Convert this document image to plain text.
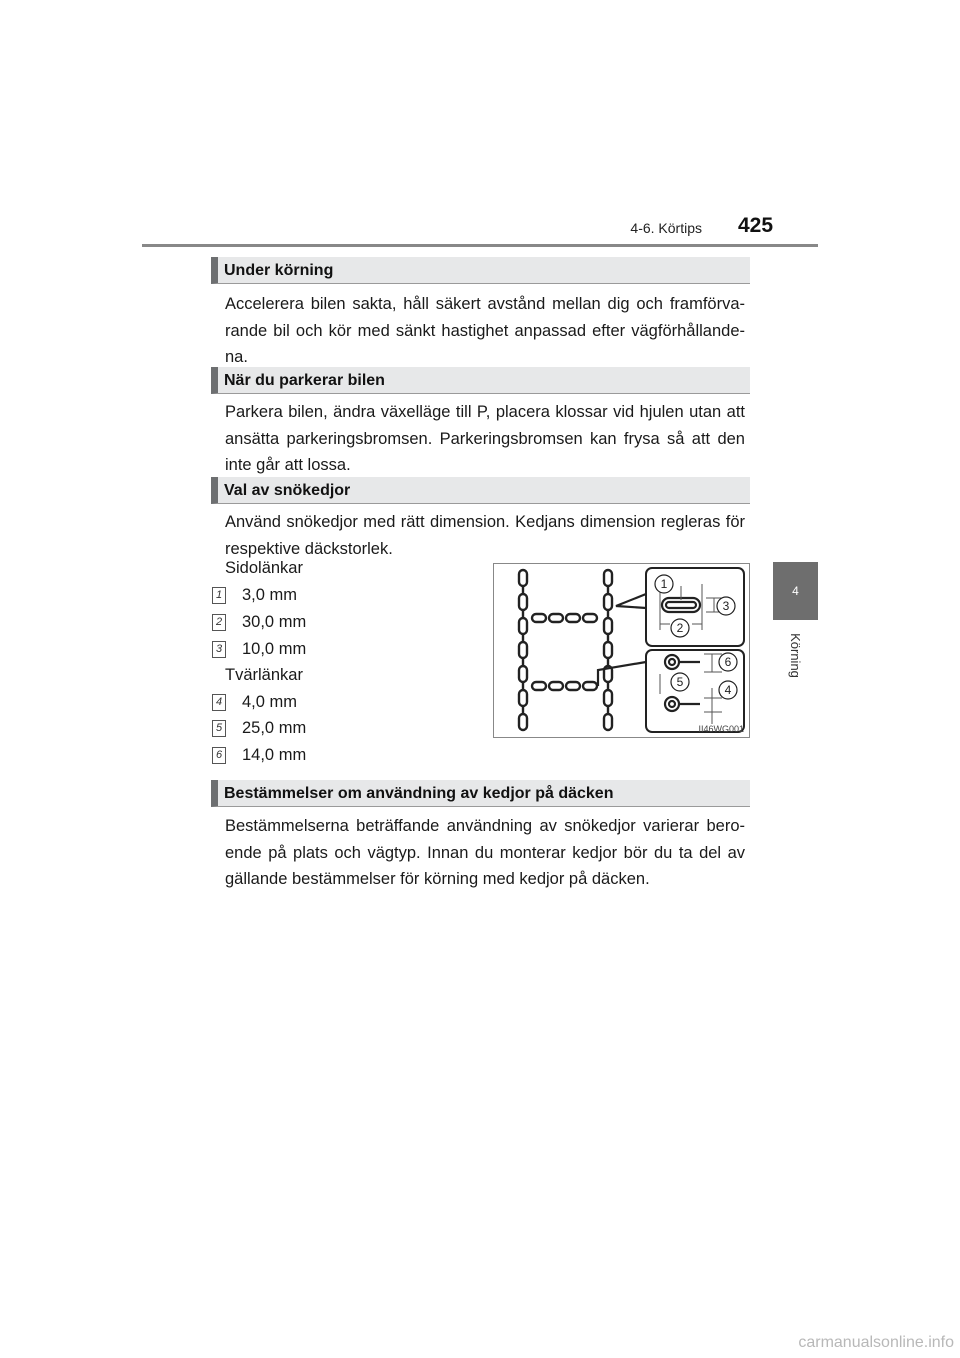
4-6. Körtips 425
4
Körning
Under körning

Accelerera bilen sakta, håll säkert avstånd mellan dig och framförva-rande bil och kör med sänkt hastighet anpassad efter vägförhållande-na.

När du parkerar bilen

Parkera bilen, ändra växelläge till P, placera klossar vid hjulen utan att ansätta parkeringsbromsen. Parkeringsbromsen kan frysa så att den inte går att lossa.

Val av snökedjor

Använd snökedjor med rätt dimension. Kedjans dimension regleras för respektive däckstorlek.

Sidolänkar
1 3,0 mm
2 30,0 mm
3 10,0 mm
Tvärlänkar
4 4,0 mm
5 25,0 mm
6 14,0 mm
1
2
3
4
5
6
II46WG001
Bestämmelser om användning av kedjor på däcken

Bestämmelserna beträffande användning av snökedjor varierar bero-ende på plats och vägtyp. Innan du monterar kedjor bör du ta del av gällande bestämmelser för körning med kedjor på däcken.

carmanualsonline.info
